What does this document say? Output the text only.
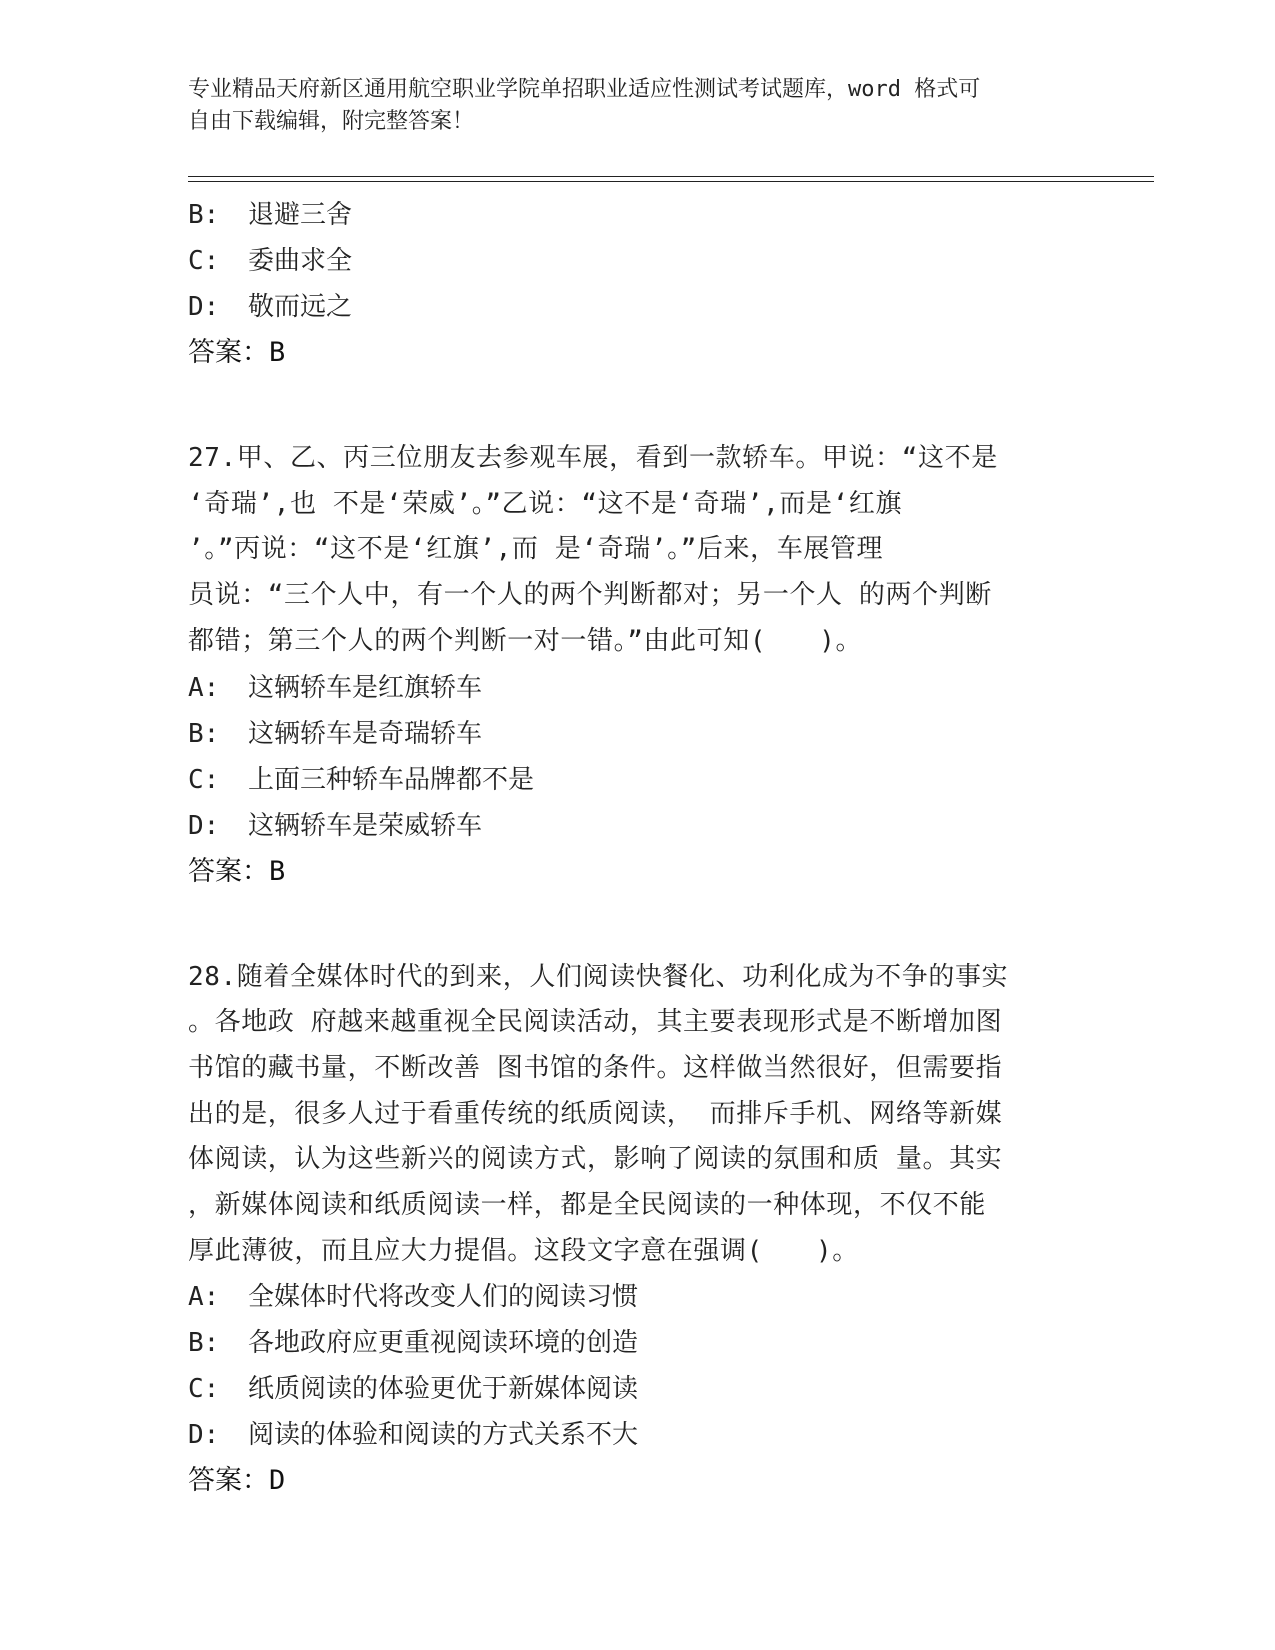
专业精品天府新区通用航空职业学院单招职业适应性测试考试题库，word 格式可
自由下载编辑，附完整答案！
B: 退避三舍
C: 委曲求全
D: 敬而远之
答案：B
27.甲、乙、丙三位朋友去参观车展，看到一款轿车。甲说：“这不是
‘奇瑞’,也 不是‘荣威’。”乙说：“这不是‘奇瑞’,而是‘红旗
’。”丙说：“这不是‘红旗’,而 是‘奇瑞’。”后来，车展管理
员说：“三个人中，有一个人的两个判断都对；另一个人 的两个判断
都错；第三个人的两个判断一对一错。”由此可知(　　)。
A: 这辆轿车是红旗轿车
B: 这辆轿车是奇瑞轿车
C: 上面三种轿车品牌都不是
D: 这辆轿车是荣威轿车
答案：B
28.随着全媒体时代的到来，人们阅读快餐化、功利化成为不争的事实
。各地政 府越来越重视全民阅读活动，其主要表现形式是不断增加图
书馆的藏书量，不断改善 图书馆的条件。这样做当然很好，但需要指
出的是，很多人过于看重传统的纸质阅读， 而排斥手机、网络等新媒
体阅读，认为这些新兴的阅读方式，影响了阅读的氛围和质 量。其实
，新媒体阅读和纸质阅读一样，都是全民阅读的一种体现，不仅不能
厚此薄彼，而且应大力提倡。这段文字意在强调(　　)。
A: 全媒体时代将改变人们的阅读习惯
B: 各地政府应更重视阅读环境的创造
C: 纸质阅读的体验更优于新媒体阅读
D: 阅读的体验和阅读的方式关系不大
答案：D
